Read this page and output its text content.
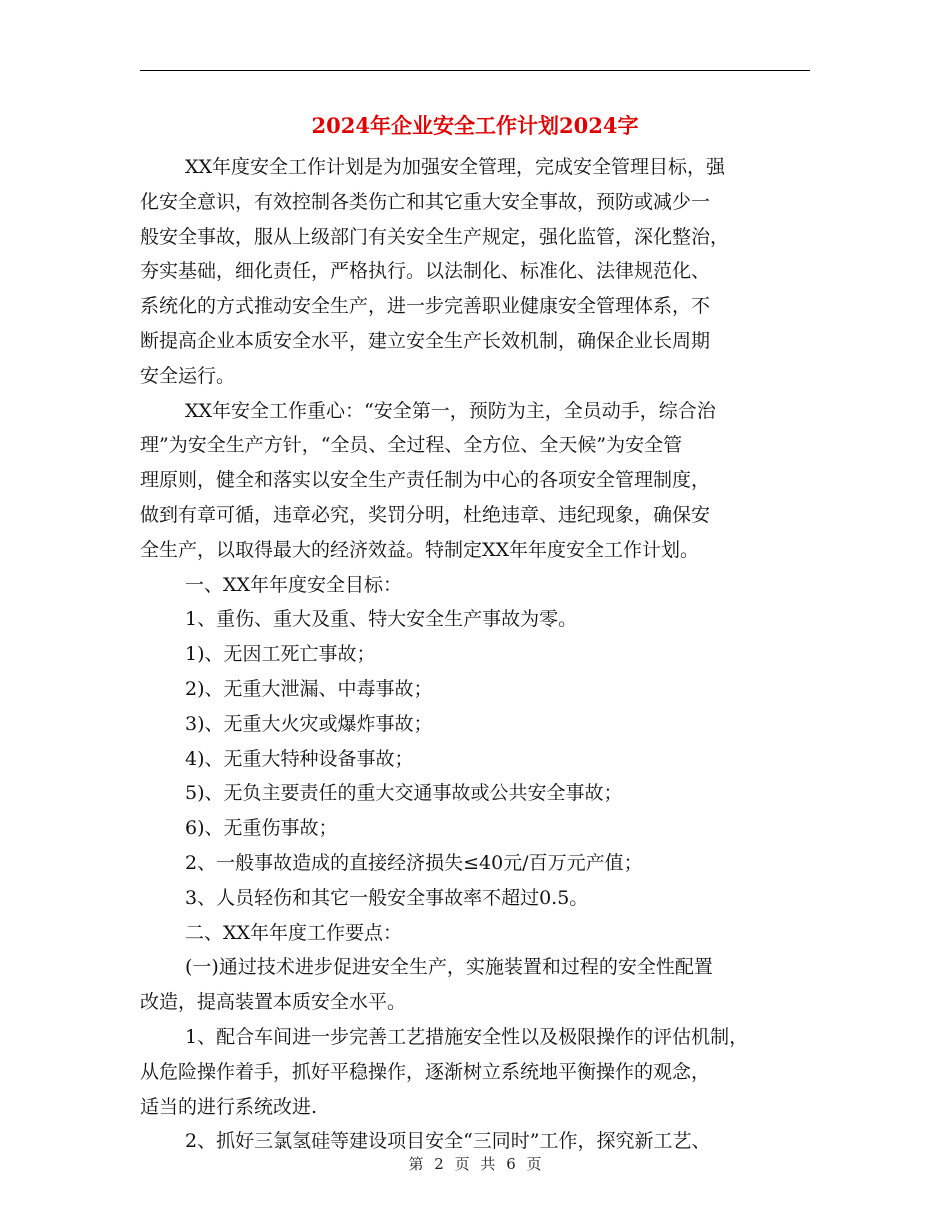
2024年企业安全工作计划2024字
XX年度安全工作计划是为加强安全管理，完成安全管理目标，强
化安全意识，有效控制各类伤亡和其它重大安全事故，预防或减少一
般安全事故，服从上级部门有关安全生产规定，强化监管，深化整治，
夯实基础，细化责任，严格执行。以法制化、标准化、法律规范化、
系统化的方式推动安全生产，进一步完善职业健康安全管理体系，不
断提高企业本质安全水平，建立安全生产长效机制，确保企业长周期
安全运行。
XX年安全工作重心：“安全第一，预防为主，全员动手，综合治
理”为安全生产方针，“全员、全过程、全方位、全天候”为安全管
理原则，健全和落实以安全生产责任制为中心的各项安全管理制度，
做到有章可循，违章必究，奖罚分明，杜绝违章、违纪现象，确保安
全生产，以取得最大的经济效益。特制定XX年年度安全工作计划。
一、XX年年度安全目标：
1、重伤、重大及重、特大安全生产事故为零。
1)、无因工死亡事故；
2)、无重大泄漏、中毒事故；
3)、无重大火灾或爆炸事故；
4)、无重大特种设备事故；
5)、无负主要责任的重大交通事故或公共安全事故；
6)、无重伤事故；
2、一般事故造成的直接经济损失≤40元/百万元产值；
3、人员轻伤和其它一般安全事故率不超过0.5。
二、XX年年度工作要点：
(一)通过技术进步促进安全生产，实施装置和过程的安全性配置
改造，提高装置本质安全水平。
1、配合车间进一步完善工艺措施安全性以及极限操作的评估机制，
从危险操作着手，抓好平稳操作，逐渐树立系统地平衡操作的观念，
适当的进行系统改进.
2、抓好三氯氢硅等建设项目安全“三同时”工作，探究新工艺、
第 2 页 共 6 页
